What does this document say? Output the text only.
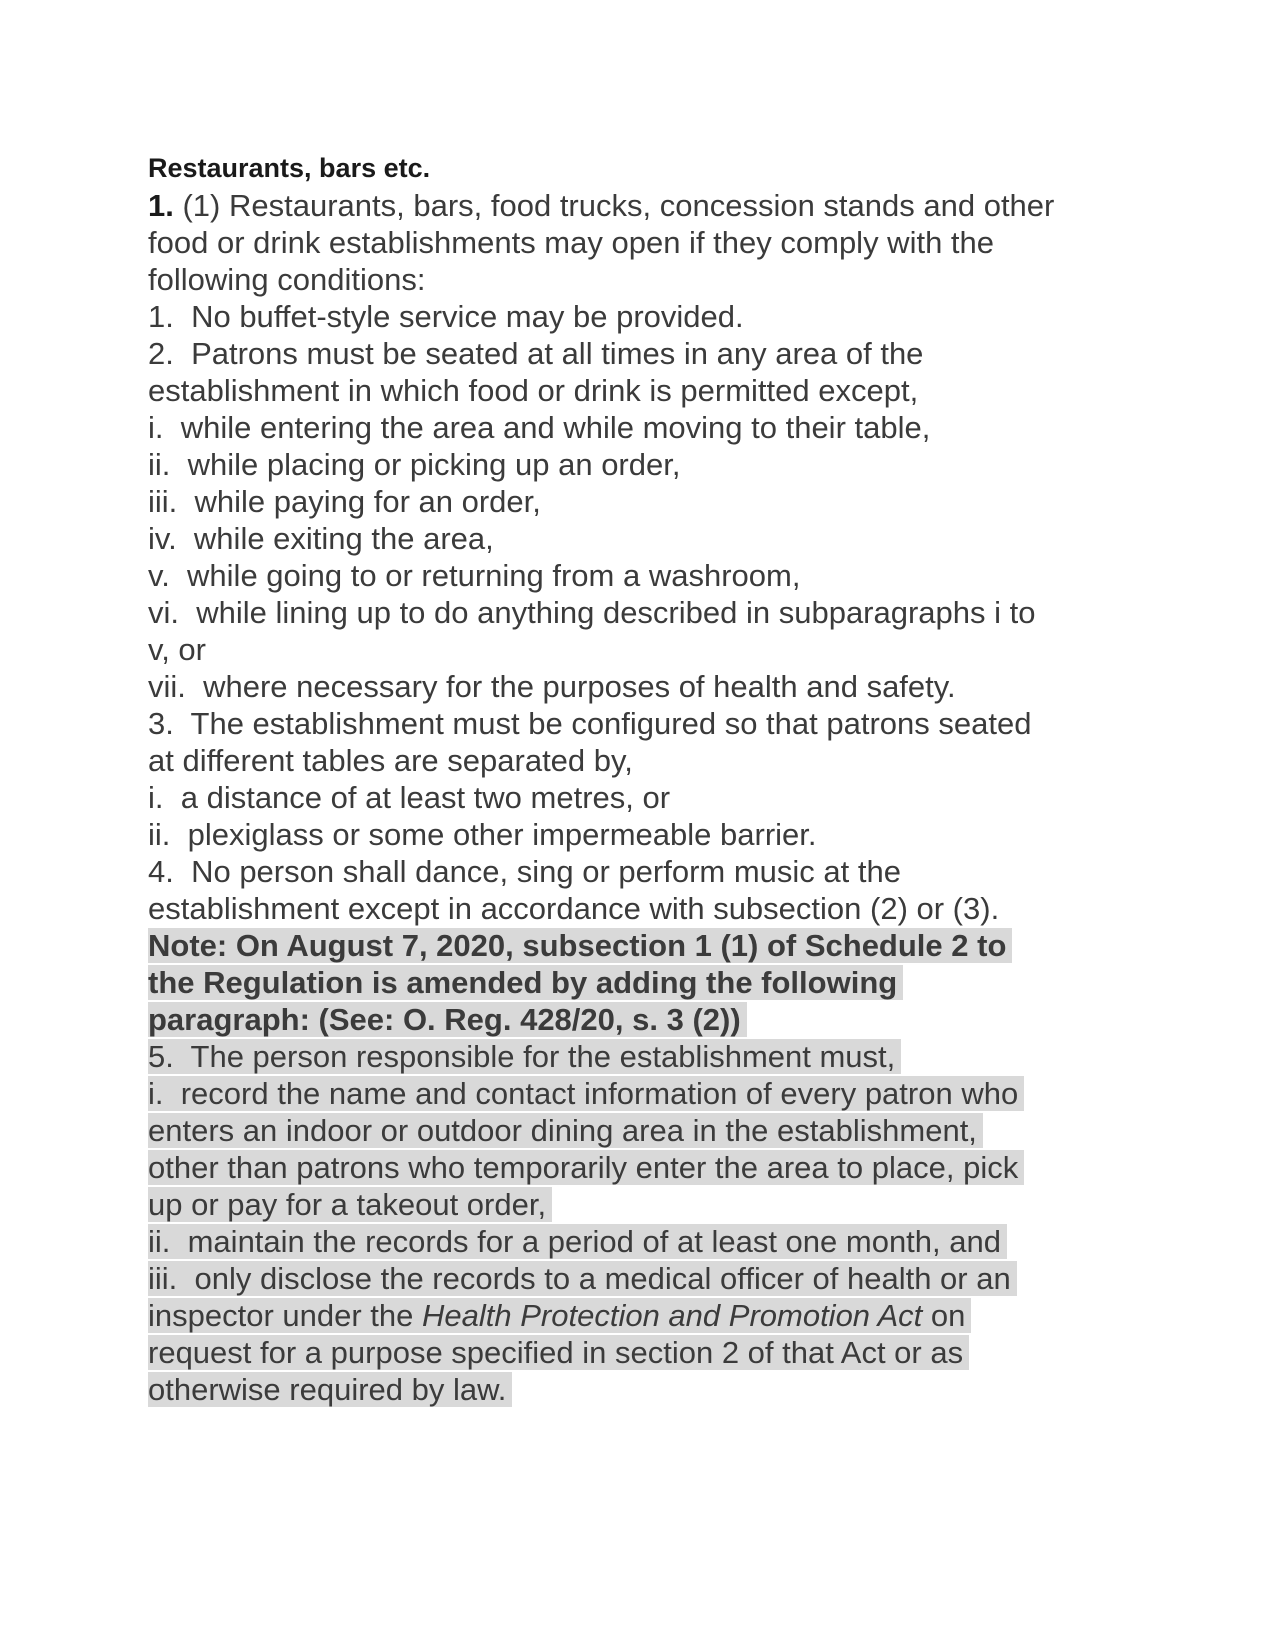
Restaurants, bars etc.
1. (1) Restaurants, bars, food trucks, concession stands and other
food or drink establishments may open if they comply with the
following conditions:
1.  No buffet-style service may be provided.
2.  Patrons must be seated at all times in any area of the
establishment in which food or drink is permitted except,
i.  while entering the area and while moving to their table,
ii.  while placing or picking up an order,
iii.  while paying for an order,
iv.  while exiting the area,
v.  while going to or returning from a washroom,
vi.  while lining up to do anything described in subparagraphs i to
v, or
vii.  where necessary for the purposes of health and safety.
3.  The establishment must be configured so that patrons seated
at different tables are separated by,
i.  a distance of at least two metres, or
ii.  plexiglass or some other impermeable barrier.
4.  No person shall dance, sing or perform music at the
establishment except in accordance with subsection (2) or (3).
Note: On August 7, 2020, subsection 1 (1) of Schedule 2 to
the Regulation is amended by adding the following
paragraph: (See: O. Reg. 428/20, s. 3 (2))
5.  The person responsible for the establishment must,
i.  record the name and contact information of every patron who
enters an indoor or outdoor dining area in the establishment,
other than patrons who temporarily enter the area to place, pick
up or pay for a takeout order,
ii.  maintain the records for a period of at least one month, and
iii.  only disclose the records to a medical officer of health or an
inspector under the Health Protection and Promotion Act on
request for a purpose specified in section 2 of that Act or as
otherwise required by law.
